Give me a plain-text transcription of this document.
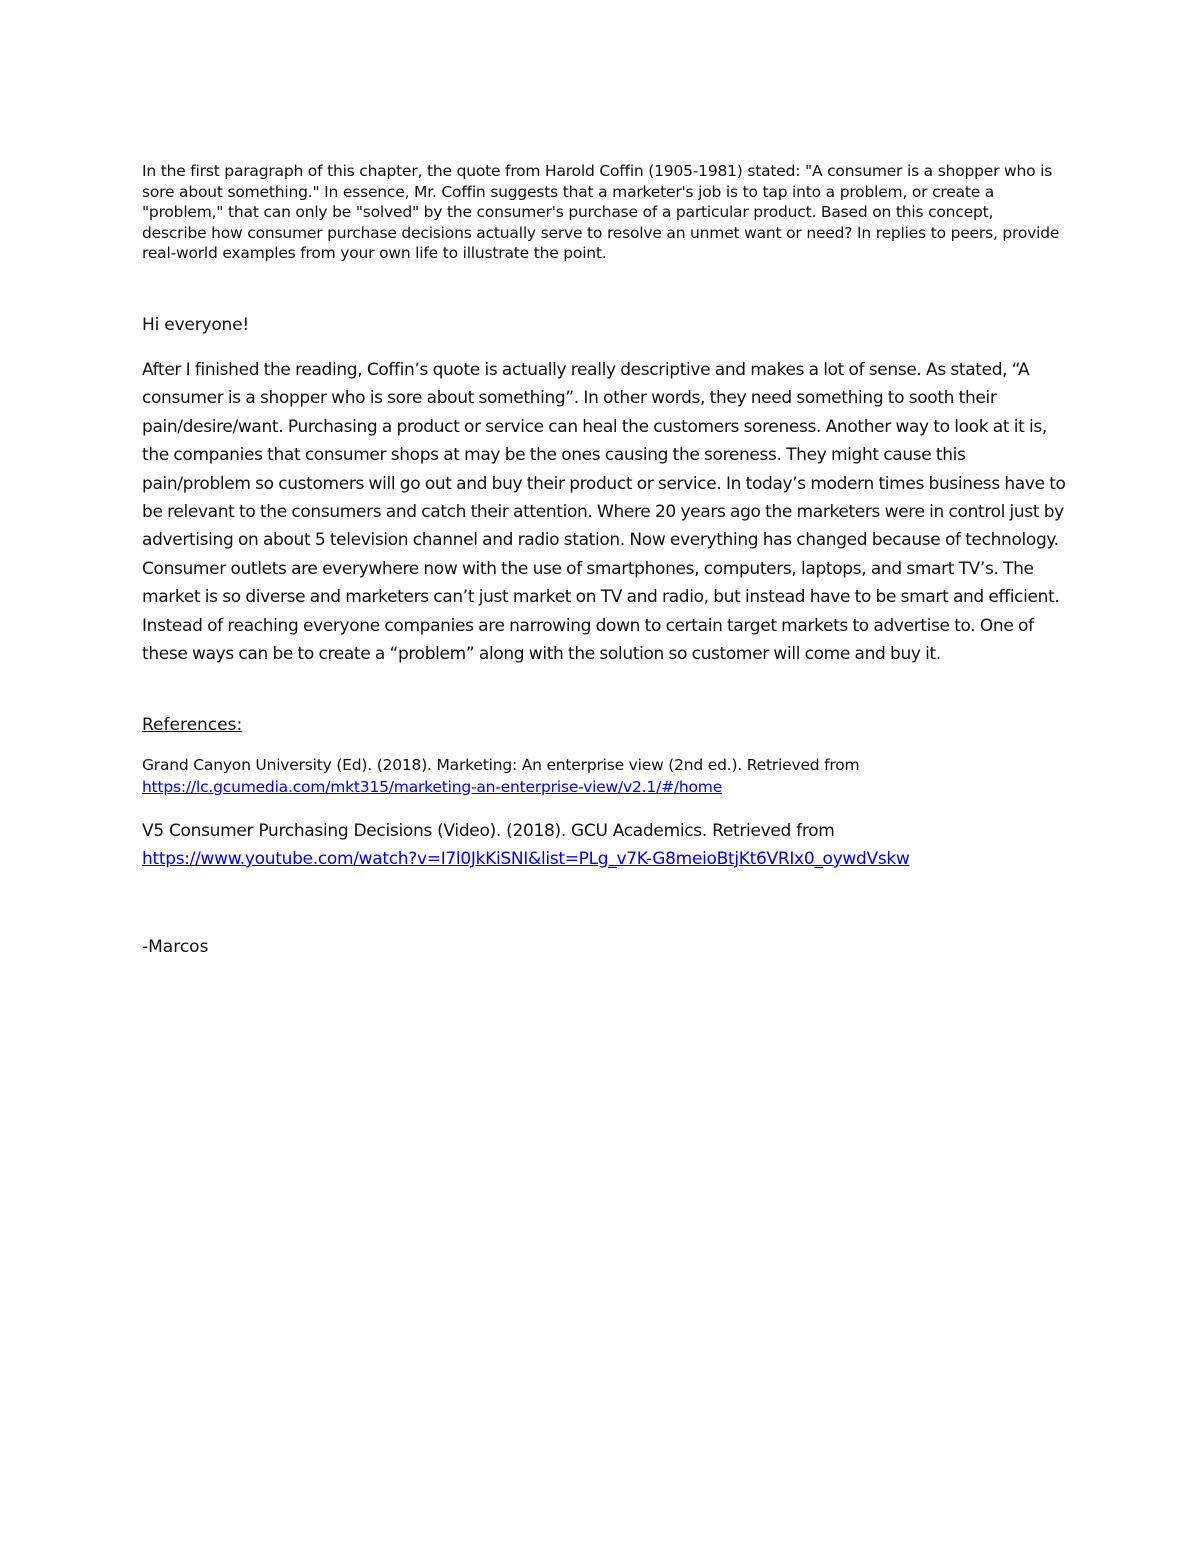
In the first paragraph of this chapter, the quote from Harold Coffin (1905-1981) stated: "A consumer is a shopper who is sore about something." In essence, Mr. Coffin suggests that a marketer's job is to tap into a problem, or create a "problem," that can only be "solved" by the consumer's purchase of a particular product. Based on this concept, describe how consumer purchase decisions actually serve to resolve an unmet want or need? In replies to peers, provide real-world examples from your own life to illustrate the point.

Hi everyone!

After I finished the reading, Coffin’s quote is actually really descriptive and makes a lot of sense. As stated, “A consumer is a shopper who is sore about something”. In other words, they need something to sooth their pain/desire/want. Purchasing a product or service can heal the customers soreness. Another way to look at it is, the companies that consumer shops at may be the ones causing the soreness. They might cause this pain/problem so customers will go out and buy their product or service. In today’s modern times business have to be relevant to the consumers and catch their attention. Where 20 years ago the marketers were in control just by advertising on about 5 television channel and radio station. Now everything has changed because of technology. Consumer outlets are everywhere now with the use of smartphones, computers, laptops, and smart TV’s. The market is so diverse and marketers can’t just market on TV and radio, but instead have to be smart and efficient. Instead of reaching everyone companies are narrowing down to certain target markets to advertise to. One of these ways can be to create a “problem” along with the solution so customer will come and buy it.

References:

Grand Canyon University (Ed). (2018). Marketing: An enterprise view (2nd ed.). Retrieved from
https://lc.gcumedia.com/mkt315/marketing-an-enterprise-view/v2.1/#/home

V5 Consumer Purchasing Decisions (Video). (2018). GCU Academics. Retrieved from
https://www.youtube.com/watch?v=I7l0JkKiSNI&list=PLg_v7K-G8meioBtjKt6VRIx0_oywdVskw

-Marcos
